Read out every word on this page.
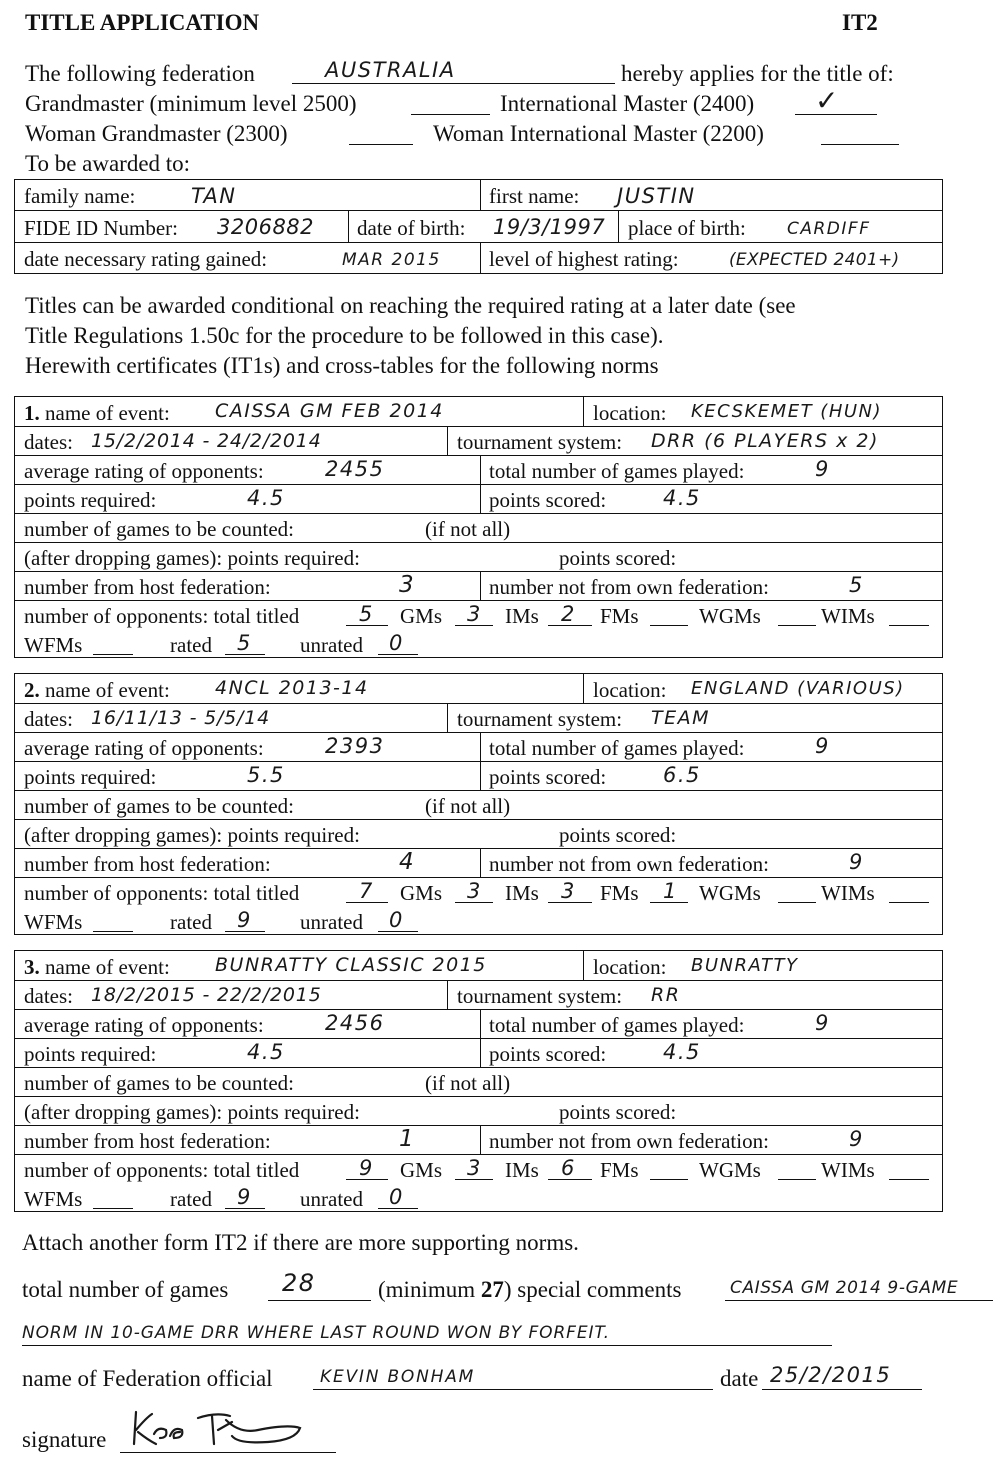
TITLE APPLICATION	IT2
The following federation	AUSTRALIA	hereby applies for the title of:
Grandmaster (minimum level 2500)	International Master (2400) ✓
Woman Grandmaster (2300)	Woman International Master (2200)
To be awarded to:
family name:	TAN	first name: JUSTIN
FIDE ID Number: 3206882 date of birth: 19/3/1997 place of birth: CARDIFF
date necessary rating gained:	MAR 2015 level of highest rating:	(EXPECTED 2401+)
Titles can be awarded conditional on reaching the required rating at a later date (see
Title Regulations 1.50c for the procedure to be followed in this case).
Herewith certificates (IT1s) and cross-tables for the following norms
1. name of event: CAISSA GM FEB 2014	location: KECSKEMET (HUN)
dates: 15/2/2014 - 24/2/2014	tournament system: DRR (6 PLAYERS x 2)
average rating of opponents:	2455	total number of games played:	9
points required:	4.5	points scored:	4.5
number of games to be counted:	(if not all)
(after dropping games): points required:	points scored:
number from host federation:	3	number not from own federation:	5
number of opponents: total titled	5 GMs 3 IMs 2 FMs	WGMs	WIMs
WFMs	rated 5 unrated 0
2. name of event: 4NCL 2013-14	location: ENGLAND (VARIOUS)
dates: 16/11/13 - 5/5/14	tournament system: TEAM
average rating of opponents:	2393	total number of games played:	9
points required:	5.5	points scored:	6.5
number of games to be counted:	(if not all)
(after dropping games): points required:	points scored:
number from host federation:	4	number not from own federation:	9
number of opponents: total titled	7 GMs 3 IMs 3 FMs 1 WGMs	WIMs
WFMs	rated 9 unrated 0
3. name of event: BUNRATTY CLASSIC 2015	location: BUNRATTY
dates: 18/2/2015 - 22/2/2015	tournament system: RR
average rating of opponents:	2456	total number of games played:	9
points required:	4.5	points scored:	4.5
number of games to be counted:	(if not all)
(after dropping games): points required:	points scored:
number from host federation:	1	number not from own federation:	9
number of opponents: total titled	9 GMs 3 IMs 6 FMs	WGMs	WIMs
WFMs	rated 9 unrated 0
Attach another form IT2 if there are more supporting norms.
total number of games 28	(minimum 27) special comments	CAISSA GM 2014 9-GAME
NORM IN 10-GAME DRR WHERE LAST ROUND WON BY FORFEIT.
name of Federation official	KEVIN BONHAM	date 25/2/2015
signature
